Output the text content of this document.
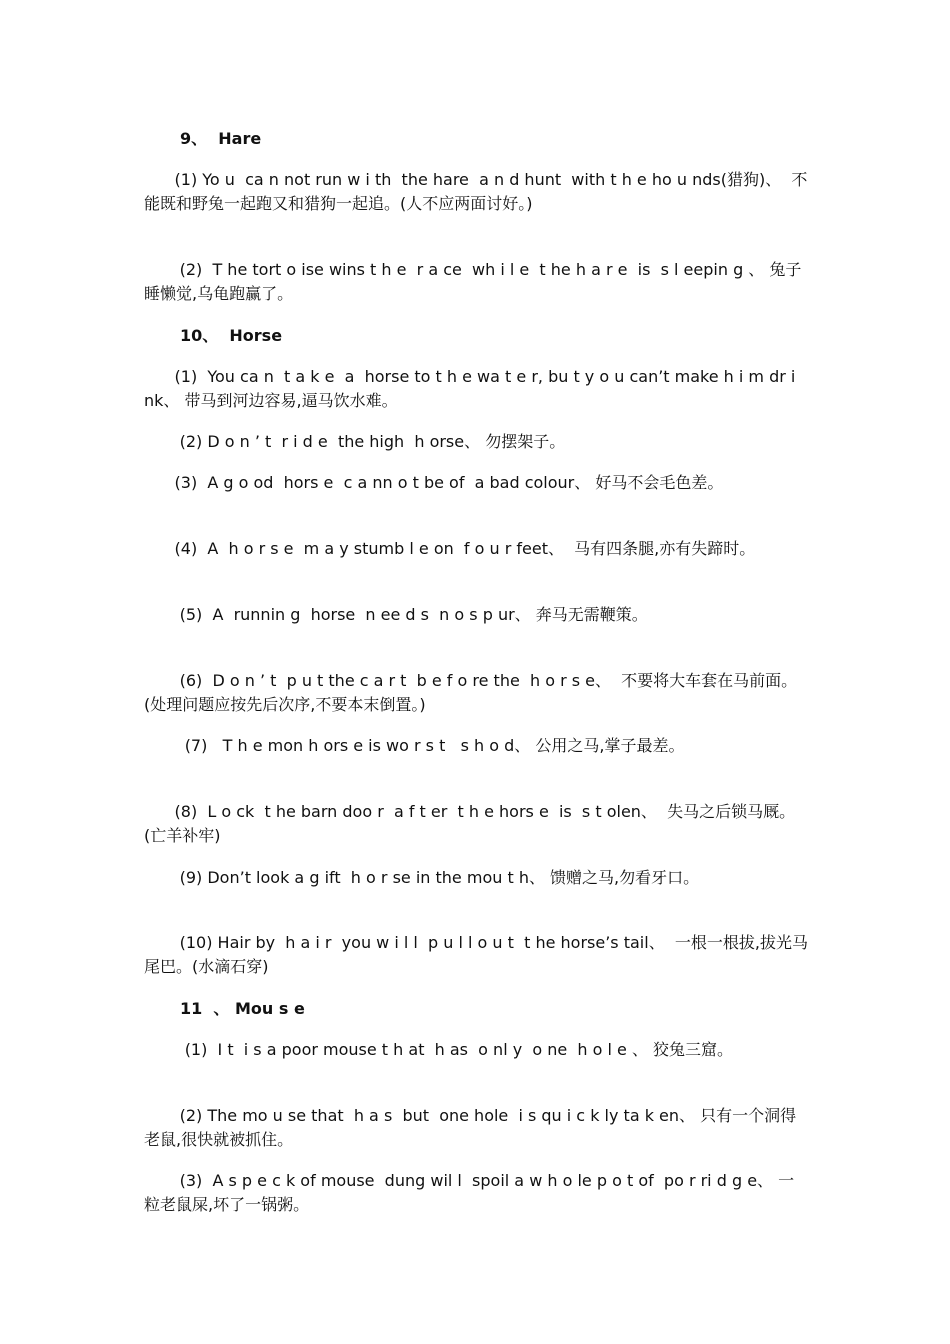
9、  Hare

(1) Yo u  ca n not run w i th  the hare  a n d hunt  with t h e ho u nds(猎狗)、  不能既和野兔一起跑又和猎狗一起追。(人不应两面讨好。)

(2)  T he tort o ise wins t h e  r a ce  wh i l e  t he h a r e  is  s l eepin g 、 兔子睡懒觉,乌龟跑赢了。

10、  Horse

(1)  You ca n  t a k e  a  horse to t h e wa t e r, bu t y o u can’t make h i m dr i nk、 带马到河边容易,逼马饮水难。

(2) D o n ’ t  r i d e  the high  h orse、 勿摆架子。

(3)  A g o od  hors e  c a nn o t be of  a bad colour、 好马不会毛色差。

(4)  A  h o r s e  m a y stumb l e on  f o u r feet、  马有四条腿,亦有失蹄时。

(5)  A  runnin g  horse  n ee d s  n o s p ur、 奔马无需鞭策。

(6)  D o n ’ t  p u t the c a r t  b e f o re the  h o r s e、  不要将大车套在马前面。(处理问题应按先后次序,不要本末倒置。)

(7)   T h e mon h ors e is wo r s t   s h o d、 公用之马,掌子最差。

(8)  L o ck  t he barn doo r  a f t er  t h e hors e  is  s t olen、  失马之后锁马厩。(亡羊补牢)

(9) Don’t look a g ift  h o r se in the mou t h、 馈赠之马,勿看牙口。

(10) Hair by  h a i r  you w i l l  p u l l o u t  t he horse’s tail、  一根一根拔,拔光马尾巴。(水滴石穿)

11  、 Mou s e

(1)  I t  i s a poor mouse t h at  h as  o nl y  o ne  h o l e 、 狡兔三窟。

(2) The mo u se that  h a s  but  one hole  i s qu i c k ly ta k en、 只有一个洞得老鼠,很快就被抓住。

(3)  A s p e c k of mouse  dung wil l  spoil a w h o le p o t of  po r ri d g e、 一粒老鼠屎,坏了一锅粥。
